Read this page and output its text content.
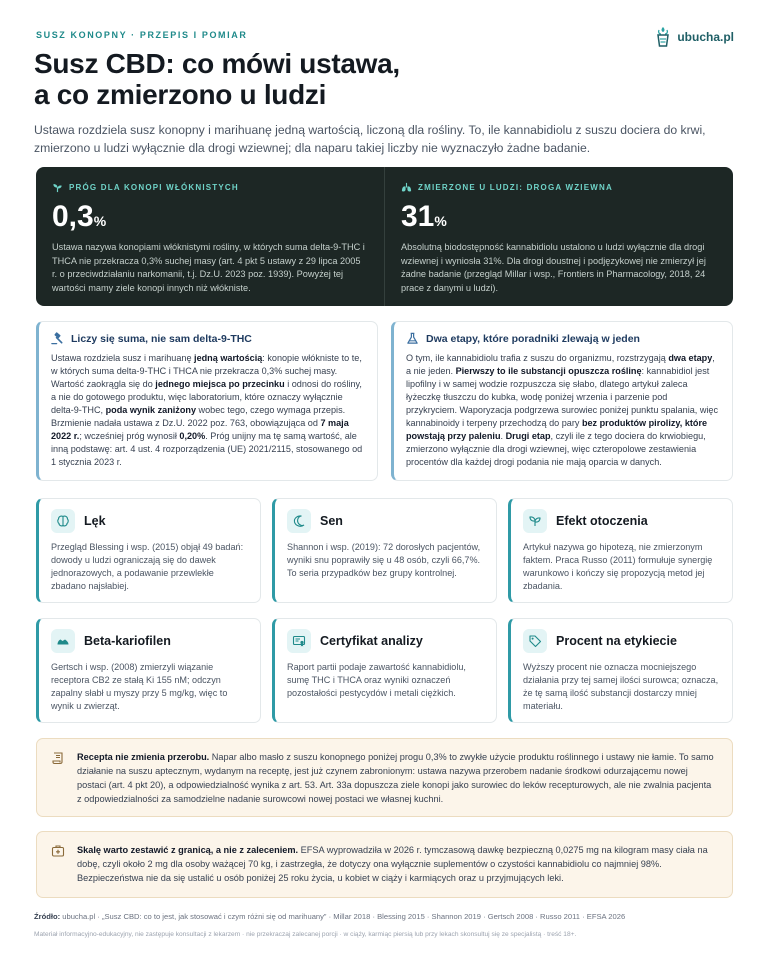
SUSZ KONOPNY · PRZEPIS I POMIAR	ubucha.pl
Susz CBD: co mówi ustawa,
a co zmierzono u ludzi

Ustawa rozdziela susz konopny i marihuanę jedną wartością, liczoną dla rośliny. To, ile kannabidiolu z suszu dociera do krwi, zmierzono u ludzi wyłącznie dla drogi wziewnej; dla naparu takiej liczby nie wyznaczyło żadne badanie.

PRÓG DLA KONOPI WŁÓKNISTYCH
0,3%

Ustawa nazywa konopiami włóknistymi rośliny, w których suma delta-9-THC i THCA nie przekracza 0,3% suchej masy (art. 4 pkt 5 ustawy z 29 lipca 2005 r. o przeciwdziałaniu narkomanii, t.j. Dz.U. 2023 poz. 1939). Powyżej tej wartości mamy ziele konopi innych niż włókniste.

ZMIERZONE U LUDZI: DROGA WZIEWNA
31%

Absolutną biodostępność kannabidiolu ustalono u ludzi wyłącznie dla drogi wziewnej i wyniosła 31%. Dla drogi doustnej i podjęzykowej nie zmierzył jej żadne badanie (przegląd Millar i wsp., Frontiers in Pharmacology, 2018, 24 prace z danymi u ludzi).

Liczy się suma, nie sam delta-9-THC

Ustawa rozdziela susz i marihuanę jedną wartością: konopie włókniste to te, w których suma delta-9-THC i THCA nie przekracza 0,3% suchej masy. Wartość zaokrągla się do jednego miejsca po przecinku i odnosi do rośliny, a nie do gotowego produktu, więc laboratorium, które oznaczy wyłącznie delta-9-THC, poda wynik zaniżony wobec tego, czego wymaga przepis. Brzmienie nadała ustawa z Dz.U. 2022 poz. 763, obowiązująca od 7 maja 2022 r.; wcześniej próg wynosił 0,20%. Próg unijny ma tę samą wartość, ale inną podstawę: art. 4 ust. 4 rozporządzenia (UE) 2021/2115, stosowanego od 1 stycznia 2023 r.

Dwa etapy, które poradniki zlewają w jeden

O tym, ile kannabidiolu trafia z suszu do organizmu, rozstrzygają dwa etapy, a nie jeden. Pierwszy to ile substancji opuszcza roślinę: kannabidiol jest lipofilny i w samej wodzie rozpuszcza się słabo, dlatego artykuł zaleca łyżeczkę tłuszczu do kubka, wodę poniżej wrzenia i parzenie pod przykryciem. Waporyzacja podgrzewa surowiec poniżej punktu spalania, więc kannabinoidy i terpeny przechodzą do pary bez produktów pirolizy, które powstają przy paleniu. Drugi etap, czyli ile z tego dociera do krwiobiegu, zmierzono wyłącznie dla drogi wziewnej, więc czteropolowe zestawienia procentów dla każdej drogi podania nie mają oparcia w danych.

Lęk

Przegląd Blessing i wsp. (2015) objął 49 badań: dowody u ludzi ograniczają się do dawek jednorazowych, a podawanie przewlekłe zbadano najsłabiej.

Sen

Shannon i wsp. (2019): 72 dorosłych pacjentów, wyniki snu poprawiły się u 48 osób, czyli 66,7%. To seria przypadków bez grupy kontrolnej.

Efekt otoczenia

Artykuł nazywa go hipotezą, nie zmierzonym faktem. Praca Russo (2011) formułuje synergię warunkowo i kończy się propozycją metod jej zbadania.

Beta-kariofilen

Gertsch i wsp. (2008) zmierzyli wiązanie receptora CB2 ze stałą Ki 155 nM; odczyn zapalny słabł u myszy przy 5 mg/kg, więc to wynik u zwierząt.

Certyfikat analizy

Raport partii podaje zawartość kannabidiolu, sumę THC i THCA oraz wyniki oznaczeń pozostałości pestycydów i metali ciężkich.

Procent na etykiecie

Wyższy procent nie oznacza mocniejszego działania przy tej samej ilości surowca; oznacza, że tę samą ilość substancji dostarczy mniej materiału.

Recepta nie zmienia przerobu. Napar albo masło z suszu konopnego poniżej progu 0,3% to zwykłe użycie produktu roślinnego i ustawy nie łamie. To samo działanie na suszu aptecznym, wydanym na receptę, jest już czynem zabronionym: ustawa nazywa przerobem nadanie środkowi odurzającemu nowej postaci (art. 4 pkt 20), a odpowiedzialność wynika z art. 53. Art. 33a dopuszcza ziele konopi jako surowiec do leków recepturowych, ale nie zwalnia pacjenta z odpowiedzialności za samodzielne nadanie surowcowi nowej postaci we własnej kuchni.

Skalę warto zestawić z granicą, a nie z zaleceniem. EFSA wyprowadziła w 2026 r. tymczasową dawkę bezpieczną 0,0275 mg na kilogram masy ciała na dobę, czyli około 2 mg dla osoby ważącej 70 kg, i zastrzegła, że dotyczy ona wyłącznie suplementów o czystości kannabidiolu co najmniej 98%. Bezpieczeństwa nie da się ustalić u osób poniżej 25 roku życia, u kobiet w ciąży i karmiących oraz u przyjmujących leki.

Źródło: ubucha.pl · „Susz CBD: co to jest, jak stosować i czym różni się od marihuany” · Millar 2018 · Blessing 2015 · Shannon 2019 · Gertsch 2008 · Russo 2011 · EFSA 2026

Materiał informacyjno-edukacyjny, nie zastępuje konsultacji z lekarzem · nie przekraczaj zalecanej porcji · w ciąży, karmiąc piersią lub przy lekach skonsultuj się ze specjalistą · treść 18+.
